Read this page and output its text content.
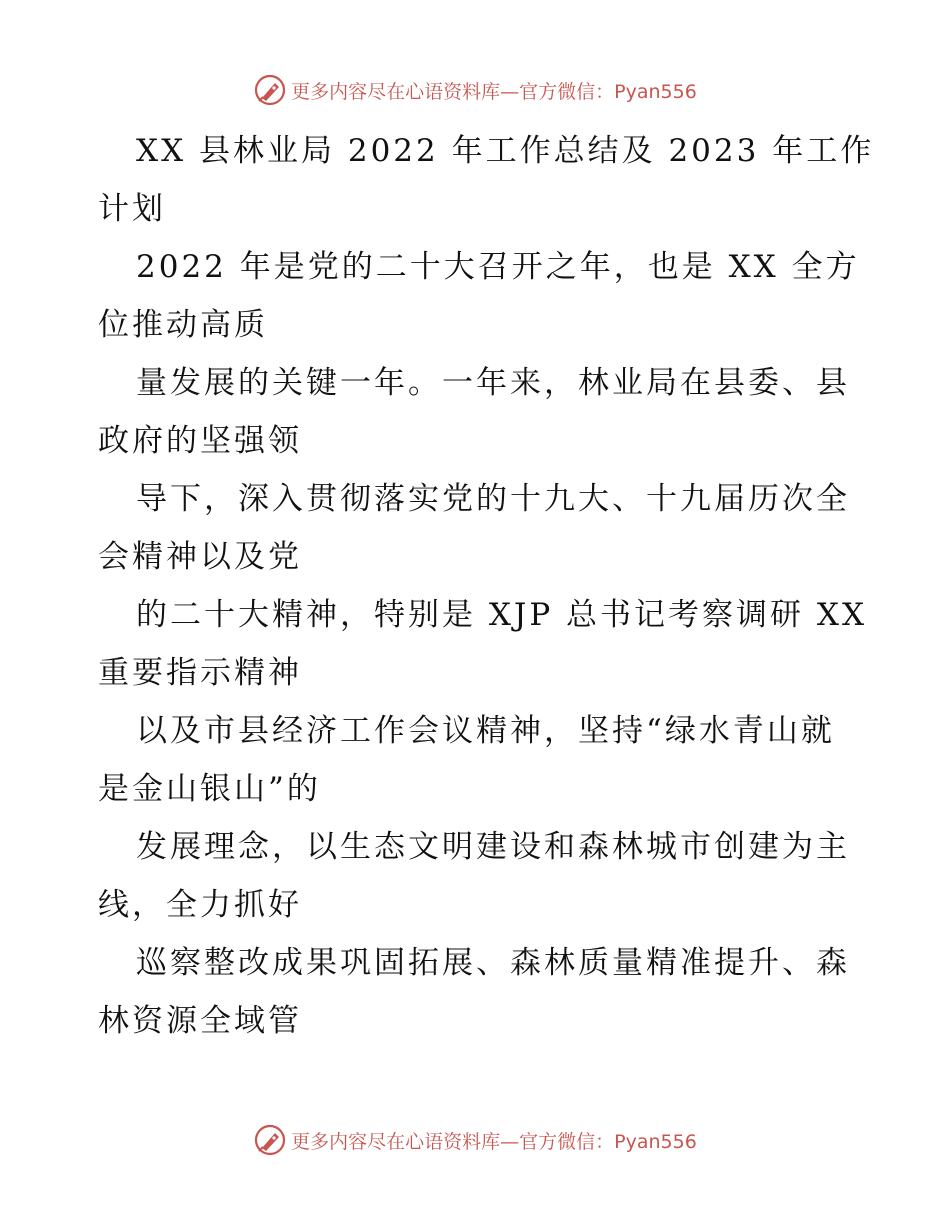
更多内容尽在心语资料库—官方微信：Pyan556
XX 县林业局 2022 年工作总结及 2023 年工作
计划
2022 年是党的二十大召开之年，也是 XX 全方
位推动高质
量发展的关键一年。一年来，林业局在县委、县
政府的坚强领
导下，深入贯彻落实党的十九大、十九届历次全
会精神以及党
的二十大精神，特别是 XJP 总书记考察调研 XX
重要指示精神
以及市县经济工作会议精神，坚持“绿水青山就
是金山银山”的
发展理念，以生态文明建设和森林城市创建为主
线，全力抓好
巡察整改成果巩固拓展、森林质量精准提升、森
林资源全域管
更多内容尽在心语资料库—官方微信：Pyan556
